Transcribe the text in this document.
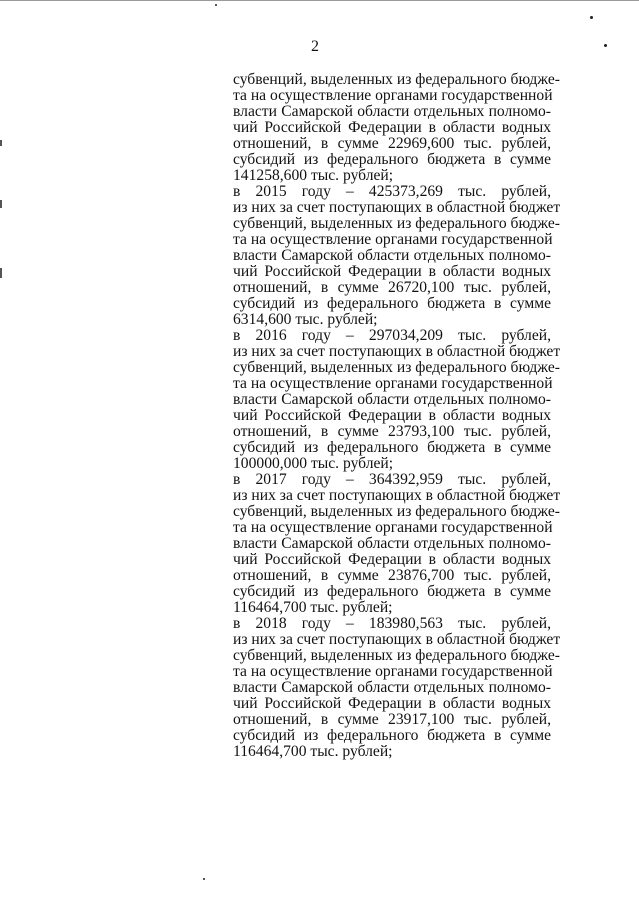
2
субвенций, выделенных из федерального бюдже-
та на осуществление органами государственной
власти Самарской области отдельных полномо-
чий Российской Федерации в области водных
отношений, в сумме 22969,600 тыс. рублей,
субсидий из федерального бюджета в сумме
141258,600 тыс. рублей;
в 2015 году – 425373,269 тыс. рублей,
из них за счет поступающих в областной бюджет
субвенций, выделенных из федерального бюдже-
та на осуществление органами государственной
власти Самарской области отдельных полномо-
чий Российской Федерации в области водных
отношений, в сумме 26720,100 тыс. рублей,
субсидий из федерального бюджета в сумме
6314,600 тыс. рублей;
в 2016 году – 297034,209 тыс. рублей,
из них за счет поступающих в областной бюджет
субвенций, выделенных из федерального бюдже-
та на осуществление органами государственной
власти Самарской области отдельных полномо-
чий Российской Федерации в области водных
отношений, в сумме 23793,100 тыс. рублей,
субсидий из федерального бюджета в сумме
100000,000 тыс. рублей;
в 2017 году – 364392,959 тыс. рублей,
из них за счет поступающих в областной бюджет
субвенций, выделенных из федерального бюдже-
та на осуществление органами государственной
власти Самарской области отдельных полномо-
чий Российской Федерации в области водных
отношений, в сумме 23876,700 тыс. рублей,
субсидий из федерального бюджета в сумме
116464,700 тыс. рублей;
в 2018 году – 183980,563 тыс. рублей,
из них за счет поступающих в областной бюджет
субвенций, выделенных из федерального бюдже-
та на осуществление органами государственной
власти Самарской области отдельных полномо-
чий Российской Федерации в области водных
отношений, в сумме 23917,100 тыс. рублей,
субсидий из федерального бюджета в сумме
116464,700 тыс. рублей;
